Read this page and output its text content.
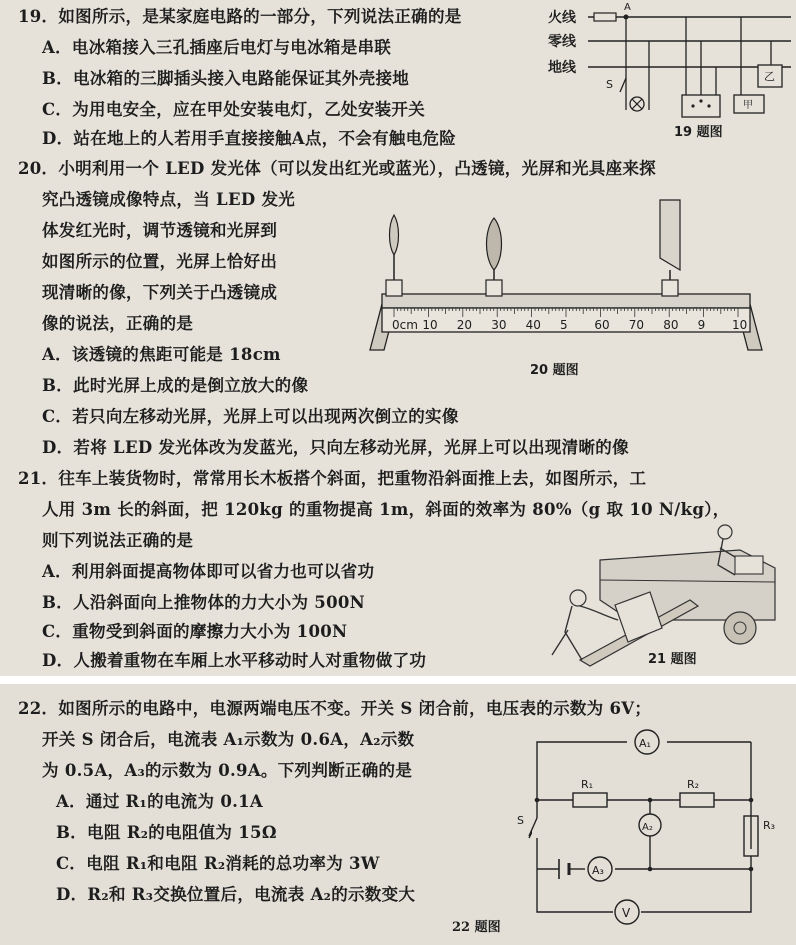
19．如图所示，是某家庭电路的一部分，下列说法正确的是
A．电冰箱接入三孔插座后电灯与电冰箱是串联
B．电冰箱的三脚插头接入电路能保证其外壳接地
C．为用电安全，应在甲处安装电灯，乙处安装开关
D．站在地上的人若用手直接接触A点，不会有触电危险
火线
零线
地线
A
S
甲
乙
19 题图
20．小明利用一个 LED 发光体（可以发出红光或蓝光），凸透镜，光屏和光具座来探
究凸透镜成像特点，当 LED 发光
体发红光时，调节透镜和光屏到
如图所示的位置，光屏上恰好出
现清晰的像，下列关于凸透镜成
像的说法，正确的是
A．该透镜的焦距可能是 18cm
B．此时光屏上成的是倒立放大的像
C．若只向左移动光屏，光屏上可以出现两次倒立的实像
D．若将 LED 发光体改为发蓝光，只向左移动光屏，光屏上可以出现清晰的像
0cm 10 20 30 40 5 60 70 80 9 10
20 题图
21．往车上装货物时，常常用长木板搭个斜面，把重物沿斜面推上去，如图所示，工
人用 3m 长的斜面，把 120kg 的重物提高 1m，斜面的效率为 80%（g 取 10 N/kg），
则下列说法正确的是
A．利用斜面提高物体即可以省力也可以省功
B．人沿斜面向上推物体的力大小为 500N
C．重物受到斜面的摩擦力大小为 100N
D．人搬着重物在车厢上水平移动时人对重物做了功	21 题图
22．如图所示的电路中，电源两端电压不变。开关 S 闭合前，电压表的示数为 6V；
开关 S 闭合后，电流表 A₁示数为 0.6A，A₂示数
为 0.5A，A₃的示数为 0.9A。下列判断正确的是
A．通过 R₁的电流为 0.1A
B．电阻 R₂的电阻值为 15Ω
C．电阻 R₁和电阻 R₂消耗的总功率为 3W
D．R₂和 R₃交换位置后，电流表 A₂的示数变大
22 题图
A₁
A₂
A₃
V
R₁	R₂
R₃
S
